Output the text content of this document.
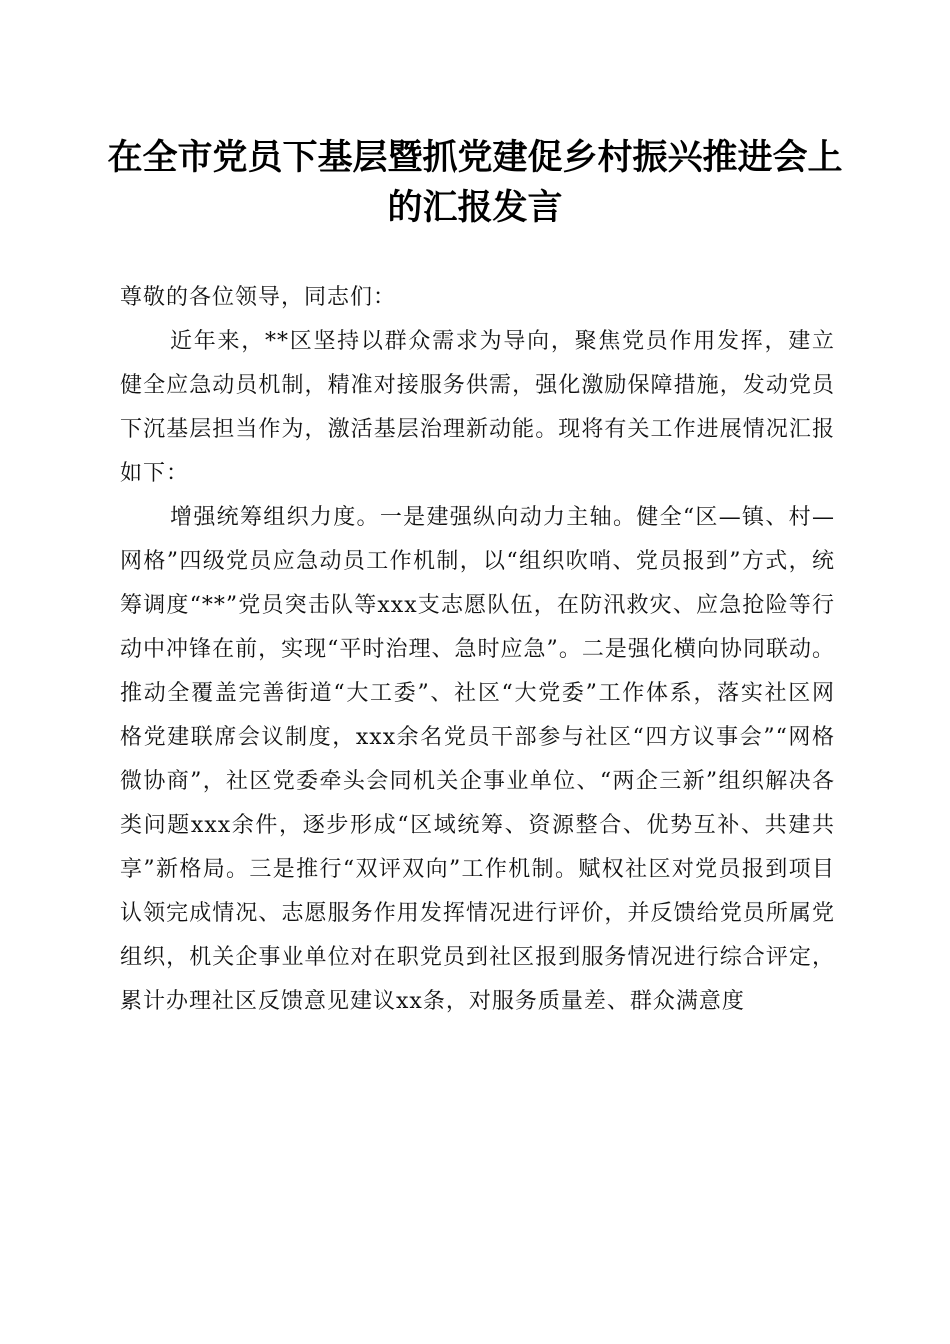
在全市党员下基层暨抓党建促乡村振兴推进会上的汇报发言

尊敬的各位领导，同志们：

近年来，**区坚持以群众需求为导向，聚焦党员作用发挥，建立健全应急动员机制，精准对接服务供需，强化激励保障措施，发动党员下沉基层担当作为，激活基层治理新动能。现将有关工作进展情况汇报如下：

增强统筹组织力度。一是建强纵向动力主轴。健全“区—镇、村—网格”四级党员应急动员工作机制，以“组织吹哨、党员报到”方式，统筹调度“**”党员突击队等xxx支志愿队伍，在防汛救灾、应急抢险等行动中冲锋在前，实现“平时治理、急时应急”。二是强化横向协同联动。推动全覆盖完善街道“大工委”、社区“大党委”工作体系，落实社区网格党建联席会议制度，xxx余名党员干部参与社区“四方议事会”“网格微协商”，社区党委牵头会同机关企事业单位、“两企三新”组织解决各类问题xxx余件，逐步形成“区域统筹、资源整合、优势互补、共建共享”新格局。三是推行“双评双向”工作机制。赋权社区对党员报到项目认领完成情况、志愿服务作用发挥情况进行评价，并反馈给党员所属党组织，机关企事业单位对在职党员到社区报到服务情况进行综合评定，累计办理社区反馈意见建议xx条，对服务质量差、群众满意度
